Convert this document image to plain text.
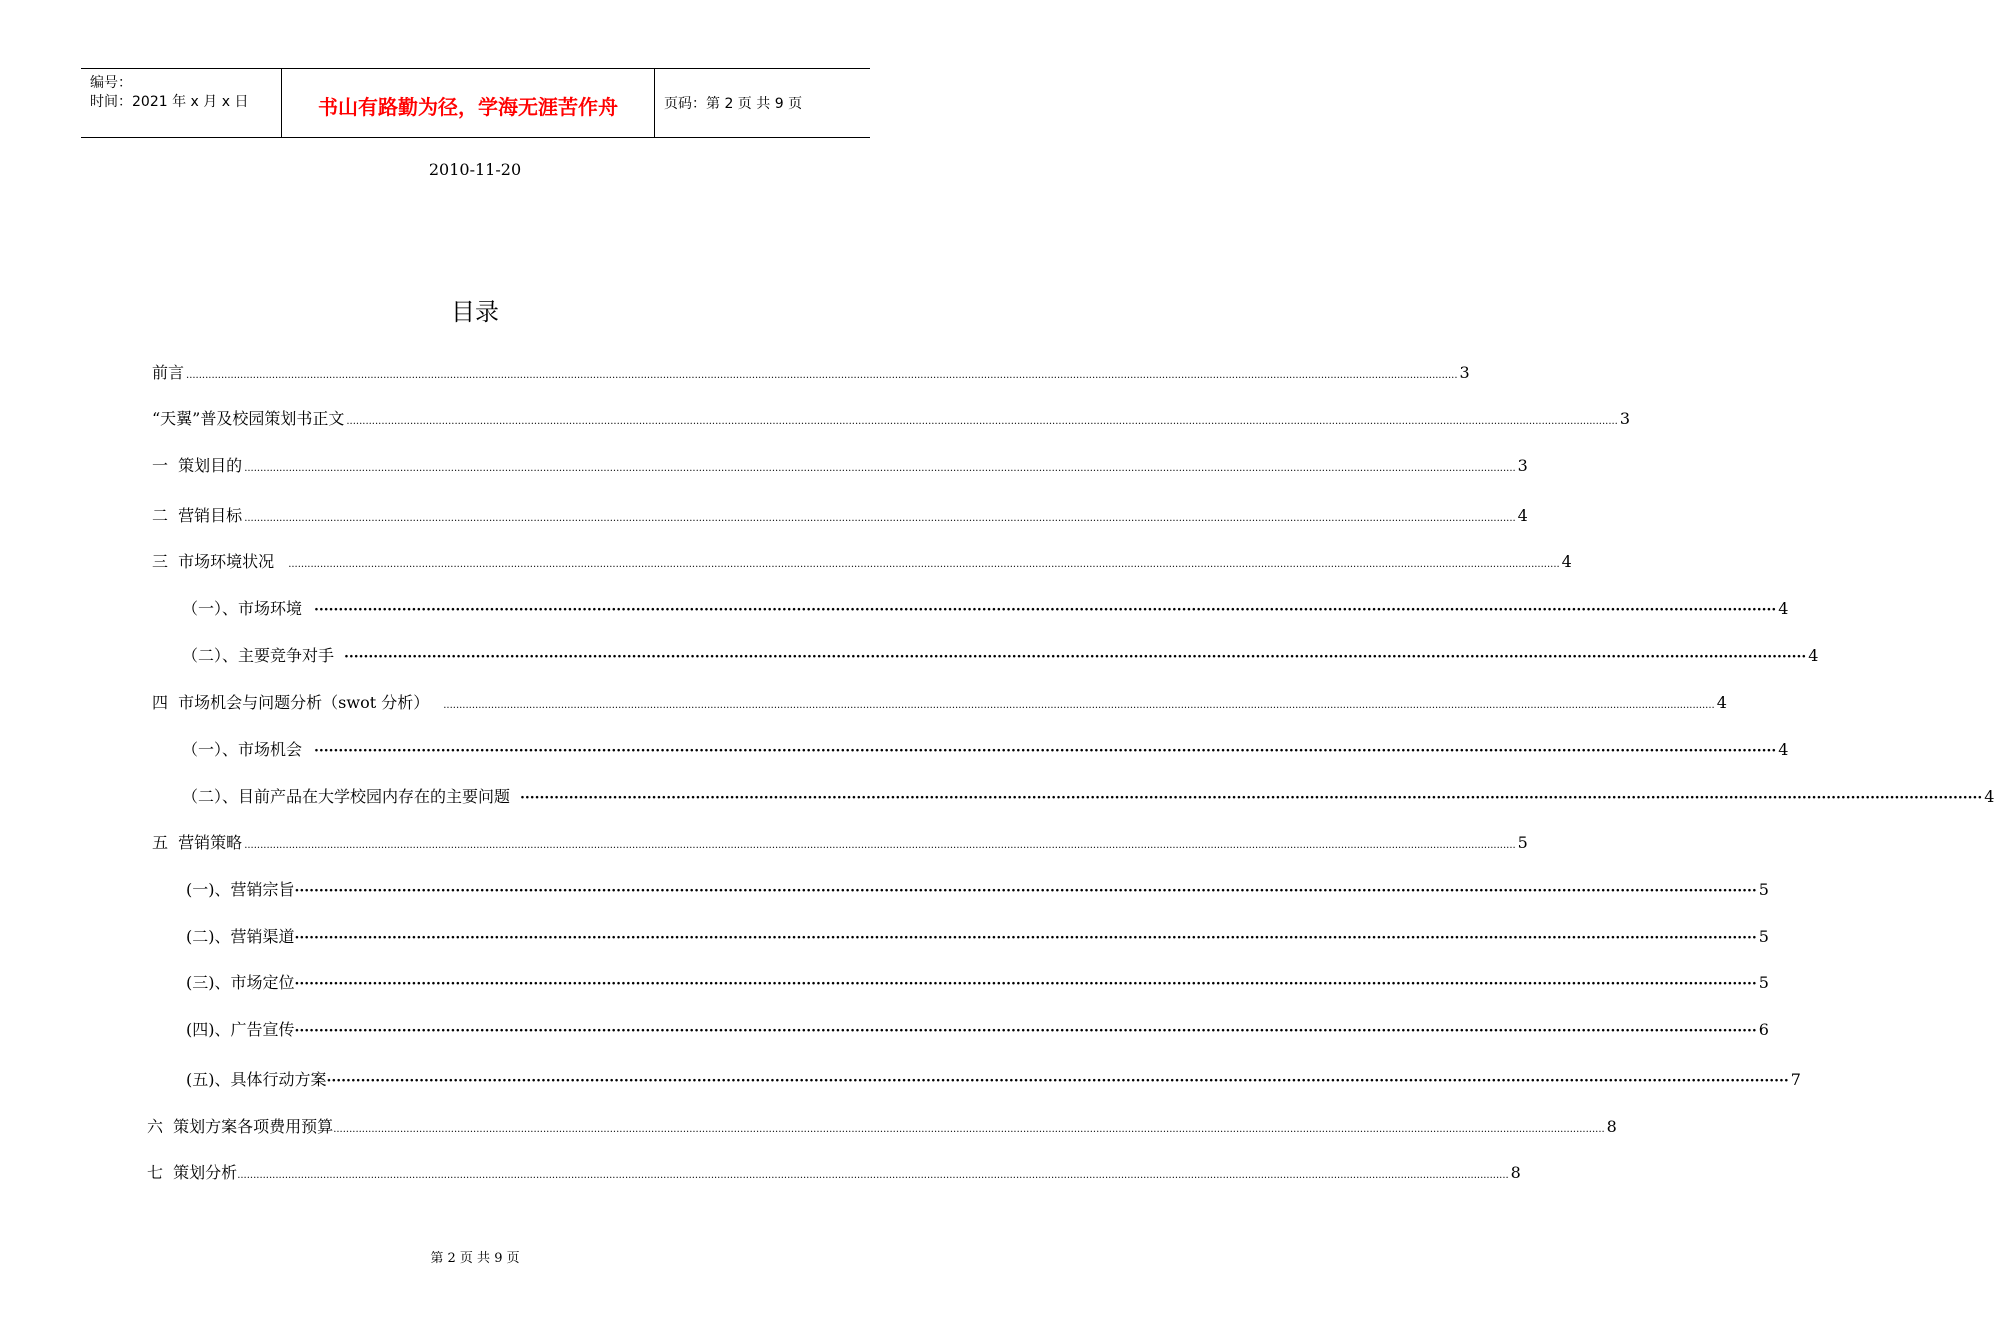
编号：
时间：2021 年 x 月 x 日	书山有路勤为径，学海无涯苦作舟	页码：第 2 页 共 9 页
2010-11-20
目录
前言 ................................................................................................................................................................................................................................................................................................................................................................................................................ 3
“天翼”普及校园策划书正文 ................................................................................................................................................................................................................................................................................................................................................................................................................ 3
一  策划目的 ................................................................................................................................................................................................................................................................................................................................................................................................................ 3
二  营销目标 ................................................................................................................................................................................................................................................................................................................................................................................................................ 4
三  市场环境状况 ................................................................................................................................................................................................................................................................................................................................................................................................................ 4
（一）、市场环境 ············································································································································································································································································································ 4
（二）、主要竞争对手 ············································································································································································································································································································ 4
四  市场机会与问题分析（swot 分析） ................................................................................................................................................................................................................................................................................................................................................................................................................ 4
（一）、市场机会 ············································································································································································································································································································ 4
（二）、目前产品在大学校园内存在的主要问题 ············································································································································································································································································································ 4
五  营销策略 ................................................................................................................................................................................................................................................................................................................................................................................................................ 5
(一)、营销宗旨 ············································································································································································································································································································ 5
(二)、营销渠道 ············································································································································································································································································································ 5
(三)、市场定位 ············································································································································································································································································································ 5
(四)、广告宣传 ············································································································································································································································································································ 6
(五)、具体行动方案 ············································································································································································································································································································ 7
六  策划方案各项费用预算 ................................................................................................................................................................................................................................................................................................................................................................................................................ 8
七  策划分析 ................................................................................................................................................................................................................................................................................................................................................................................................................ 8
第 2 页 共 9 页
